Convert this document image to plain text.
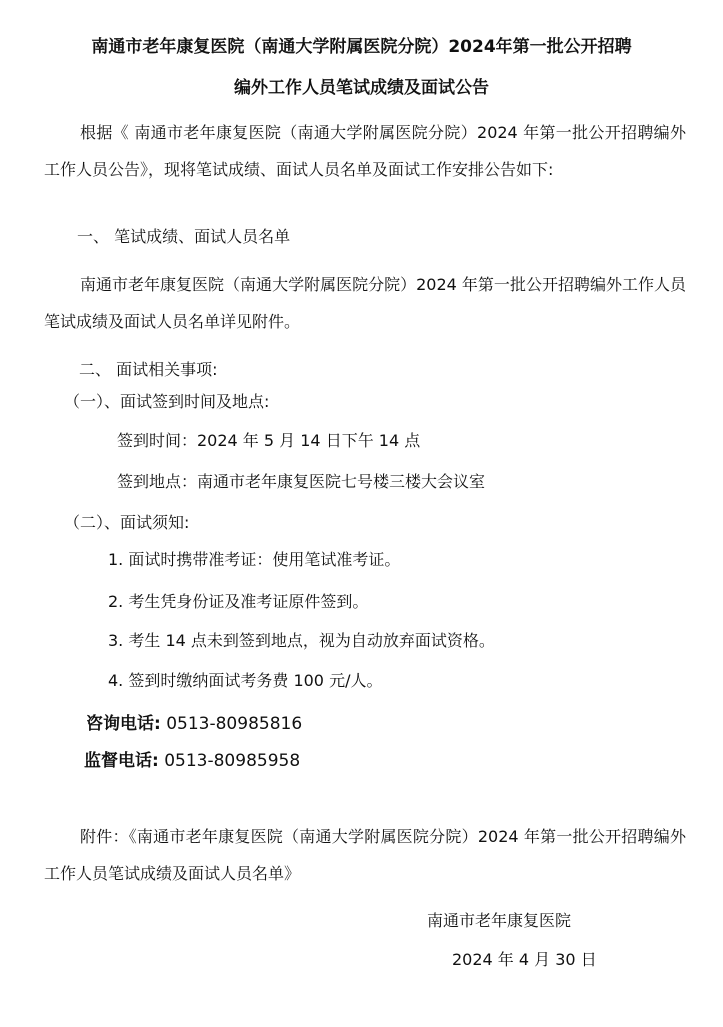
南通市老年康复医院（南通大学附属医院分院）2024年第一批公开招聘
编外工作人员笔试成绩及面试公告
根据《 南通市老年康复医院（南通大学附属医院分院）2024 年第一批公开招聘编外工作人员公告》，现将笔试成绩、面试人员名单及面试工作安排公告如下:
一、 笔试成绩、面试人员名单
南通市老年康复医院（南通大学附属医院分院）2024 年第一批公开招聘编外工作人员笔试成绩及面试人员名单详见附件。
二、 面试相关事项:
（一）、面试签到时间及地点:
签到时间：2024 年 5 月 14 日下午 14 点
签到地点：南通市老年康复医院七号楼三楼大会议室
（二）、面试须知:
1. 面试时携带准考证：使用笔试准考证。
2. 考生凭身份证及准考证原件签到。
3. 考生 14 点未到签到地点，视为自动放弃面试资格。
4. 签到时缴纳面试考务费 100 元/人。
咨询电话: 0513-80985816
监督电话: 0513-80985958
附件：《南通市老年康复医院（南通大学附属医院分院）2024 年第一批公开招聘编外工作人员笔试成绩及面试人员名单》
南通市老年康复医院
2024 年 4 月 30 日
